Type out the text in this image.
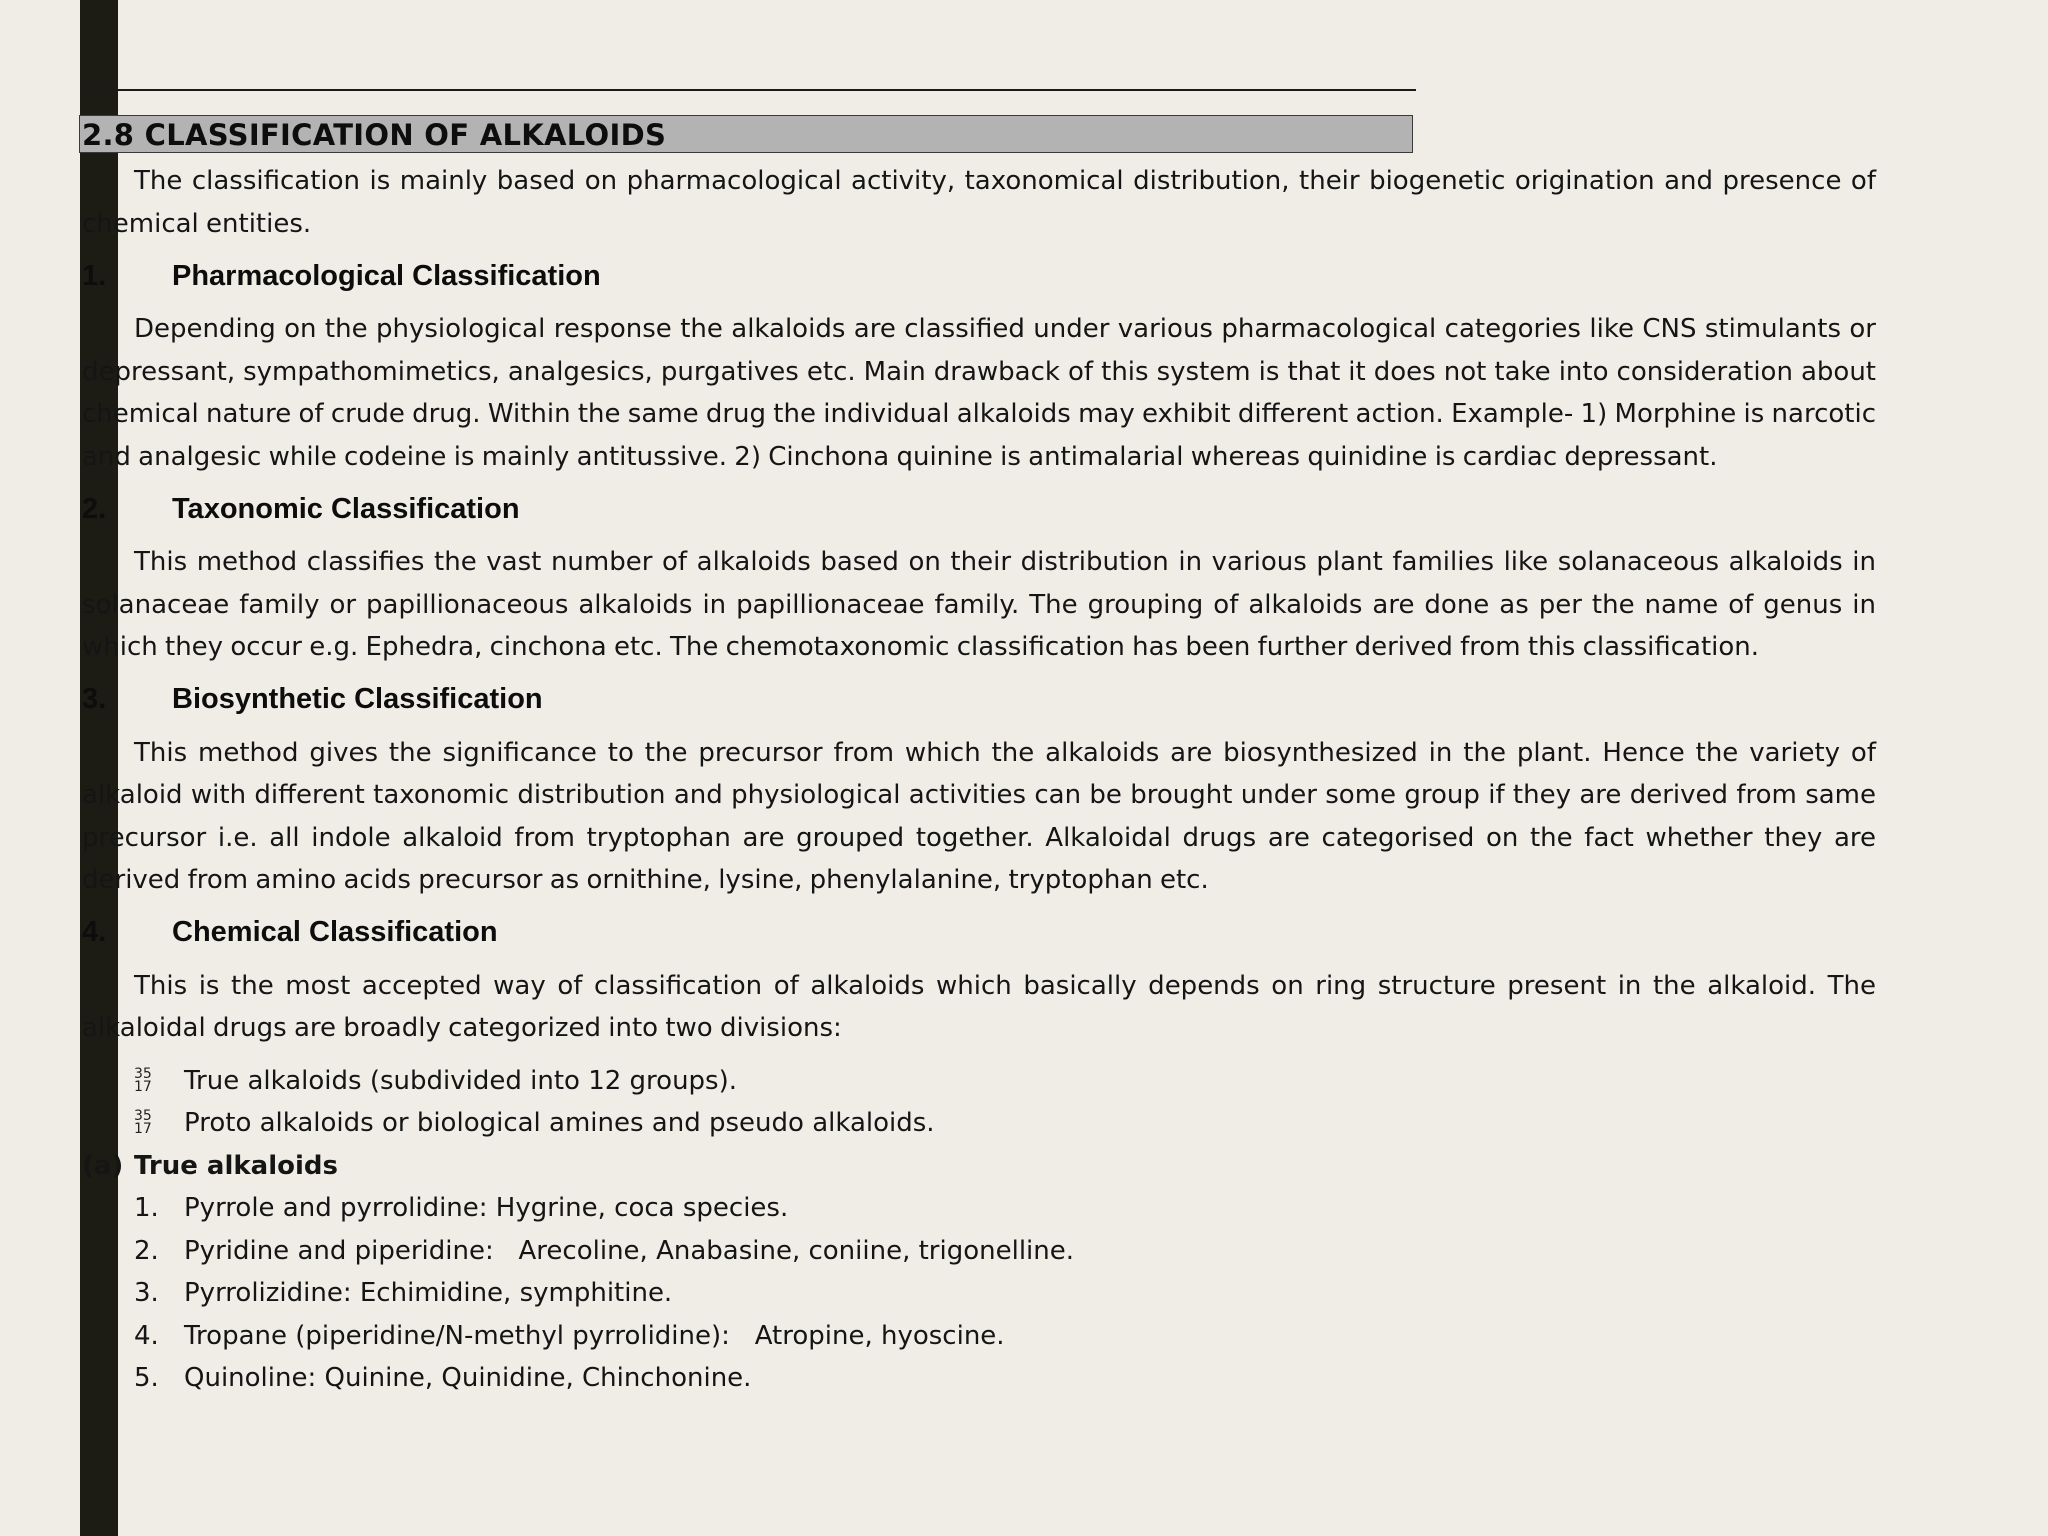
2.8 CLASSIFICATION OF ALKALOIDS

The classification is mainly based on pharmacological activity, taxonomical distribution, their biogenetic origination and presence of chemical entities.

1.	Pharmacological Classification

Depending on the physiological response the alkaloids are classified under various pharmacological categories like CNS stimulants or depressant, sympathomimetics, analgesics, purgatives etc. Main drawback of this system is that it does not take into consideration about chemical nature of crude drug. Within the same drug the individual alkaloids may exhibit different action. Example- 1) Morphine is narcotic and analgesic while codeine is mainly antitussive. 2) Cinchona quinine is antimalarial whereas quinidine is cardiac depressant.

2.	Taxonomic Classification

This method classifies the vast number of alkaloids based on their distribution in various plant families like solanaceous alkaloids in solanaceae family or papillionaceous alkaloids in papillionaceae family. The grouping of alkaloids are done as per the name of genus in which they occur e.g. Ephedra, cinchona etc. The chemotaxonomic classification has been further derived from this classification.

3.	Biosynthetic Classification

This method gives the significance to the precursor from which the alkaloids are biosynthesized in the plant. Hence the variety of alkaloid with different taxonomic distribution and physiological activities can be brought under some group if they are derived from same precursor i.e. all indole alkaloid from tryptophan are grouped together. Alkaloidal drugs are categorised on the fact whether they are derived from amino acids precursor as ornithine, lysine, phenylalanine, tryptophan etc.

4.	Chemical Classification

This is the most accepted way of classification of alkaloids which basically depends on ring structure present in the alkaloid. The alkaloidal drugs are broadly categorized into two divisions:

35
17	True alkaloids (subdivided into 12 groups).
35
17	Proto alkaloids or biological amines and pseudo alkaloids.
(a) True alkaloids
1. Pyrrole and pyrrolidine: Hygrine, coca species.
2. Pyridine and piperidine:   Arecoline, Anabasine, coniine, trigonelline.
3. Pyrrolizidine: Echimidine, symphitine.
4. Tropane (piperidine/N-methyl pyrrolidine):   Atropine, hyoscine.
5. Quinoline: Quinine, Quinidine, Chinchonine.
